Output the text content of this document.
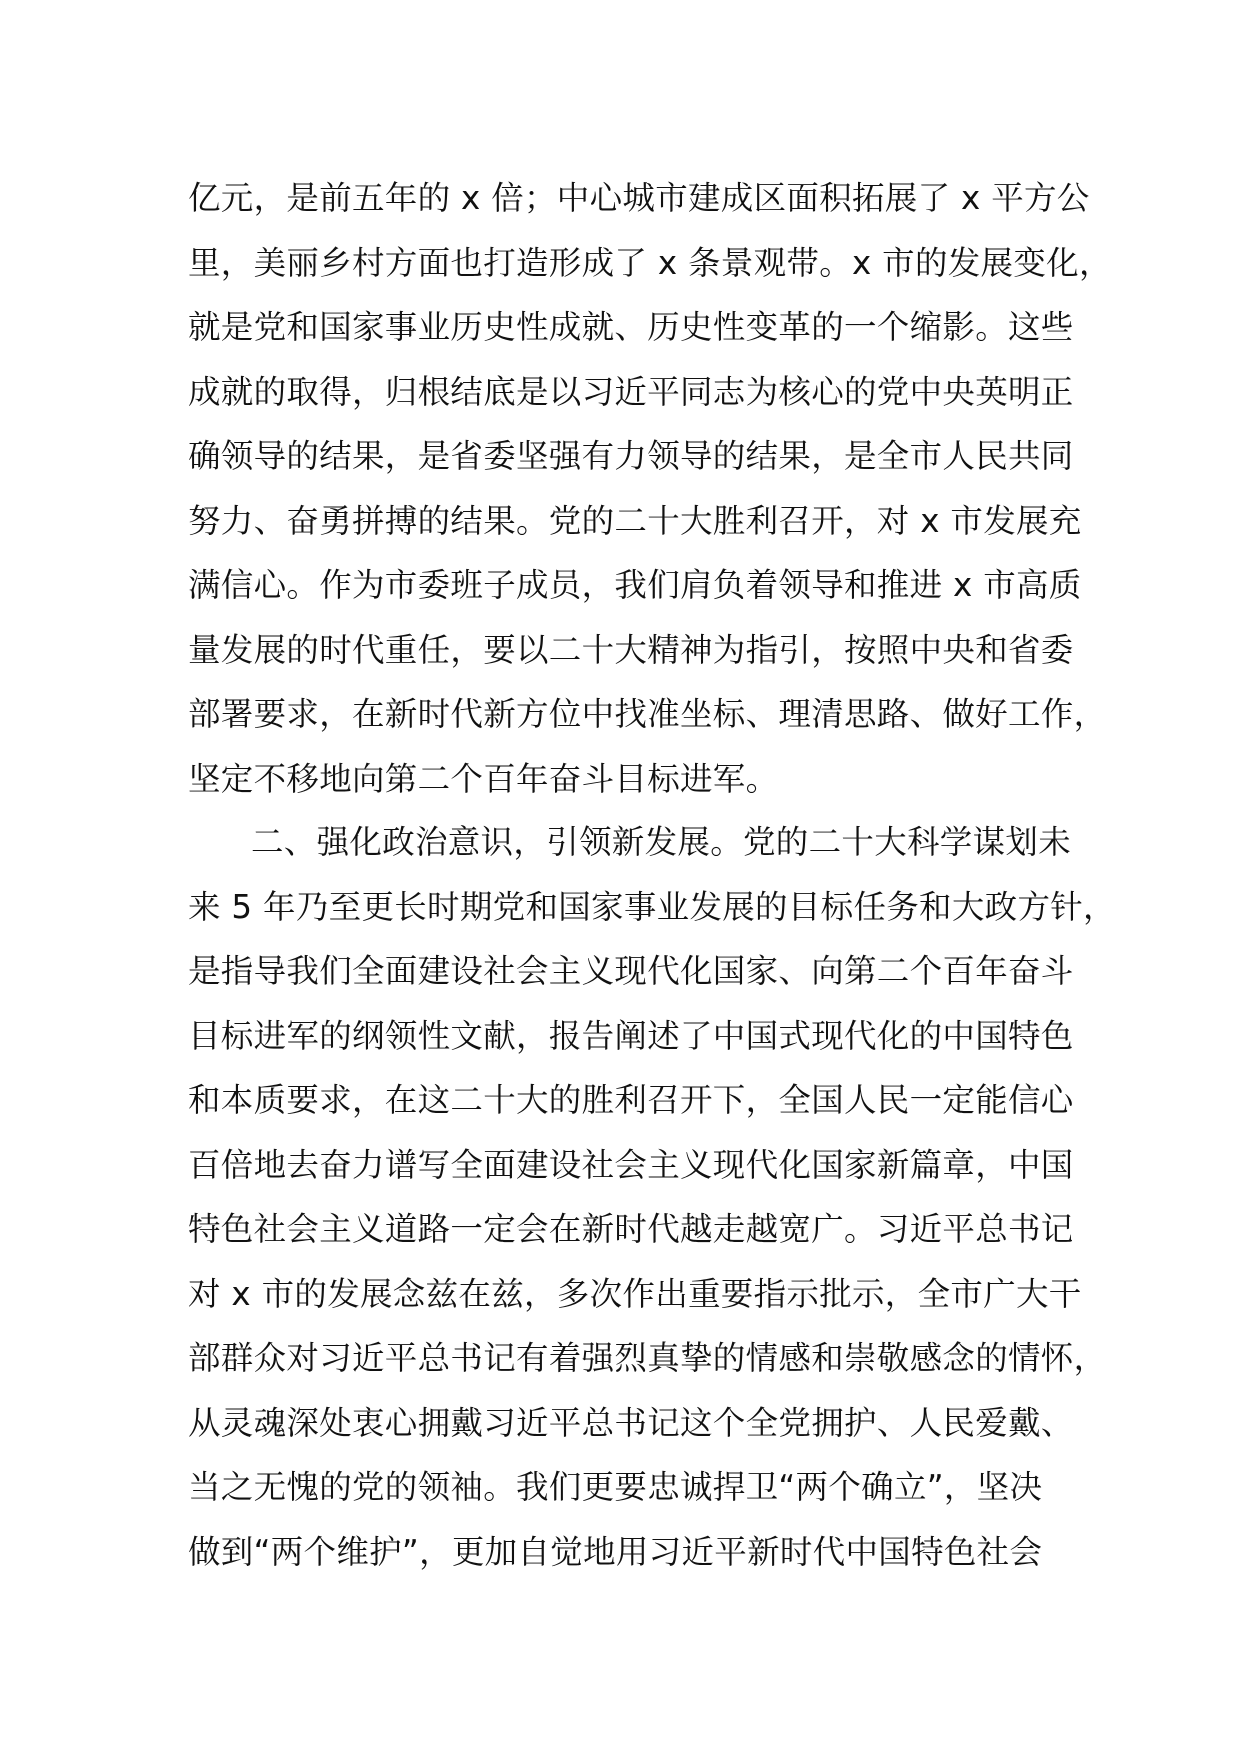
亿元，是前五年的 x 倍；中心城市建成区面积拓展了 x 平方公
里，美丽乡村方面也打造形成了 x 条景观带。x 市的发展变化，
就是党和国家事业历史性成就、历史性变革的一个缩影。这些
成就的取得，归根结底是以习近平同志为核心的党中央英明正
确领导的结果，是省委坚强有力领导的结果，是全市人民共同
努力、奋勇拼搏的结果。党的二十大胜利召开，对 x 市发展充
满信心。作为市委班子成员，我们肩负着领导和推进 x 市高质
量发展的时代重任，要以二十大精神为指引，按照中央和省委
部署要求，在新时代新方位中找准坐标、理清思路、做好工作，
坚定不移地向第二个百年奋斗目标进军。
二、强化政治意识，引领新发展。党的二十大科学谋划未
来 5 年乃至更长时期党和国家事业发展的目标任务和大政方针，
是指导我们全面建设社会主义现代化国家、向第二个百年奋斗
目标进军的纲领性文献，报告阐述了中国式现代化的中国特色
和本质要求，在这二十大的胜利召开下，全国人民一定能信心
百倍地去奋力谱写全面建设社会主义现代化国家新篇章，中国
特色社会主义道路一定会在新时代越走越宽广。习近平总书记
对 x 市的发展念兹在兹，多次作出重要指示批示，全市广大干
部群众对习近平总书记有着强烈真挚的情感和崇敬感念的情怀，
从灵魂深处衷心拥戴习近平总书记这个全党拥护、人民爱戴、
当之无愧的党的领袖。我们更要忠诚捍卫“两个确立”，坚决
做到“两个维护”，更加自觉地用习近平新时代中国特色社会
